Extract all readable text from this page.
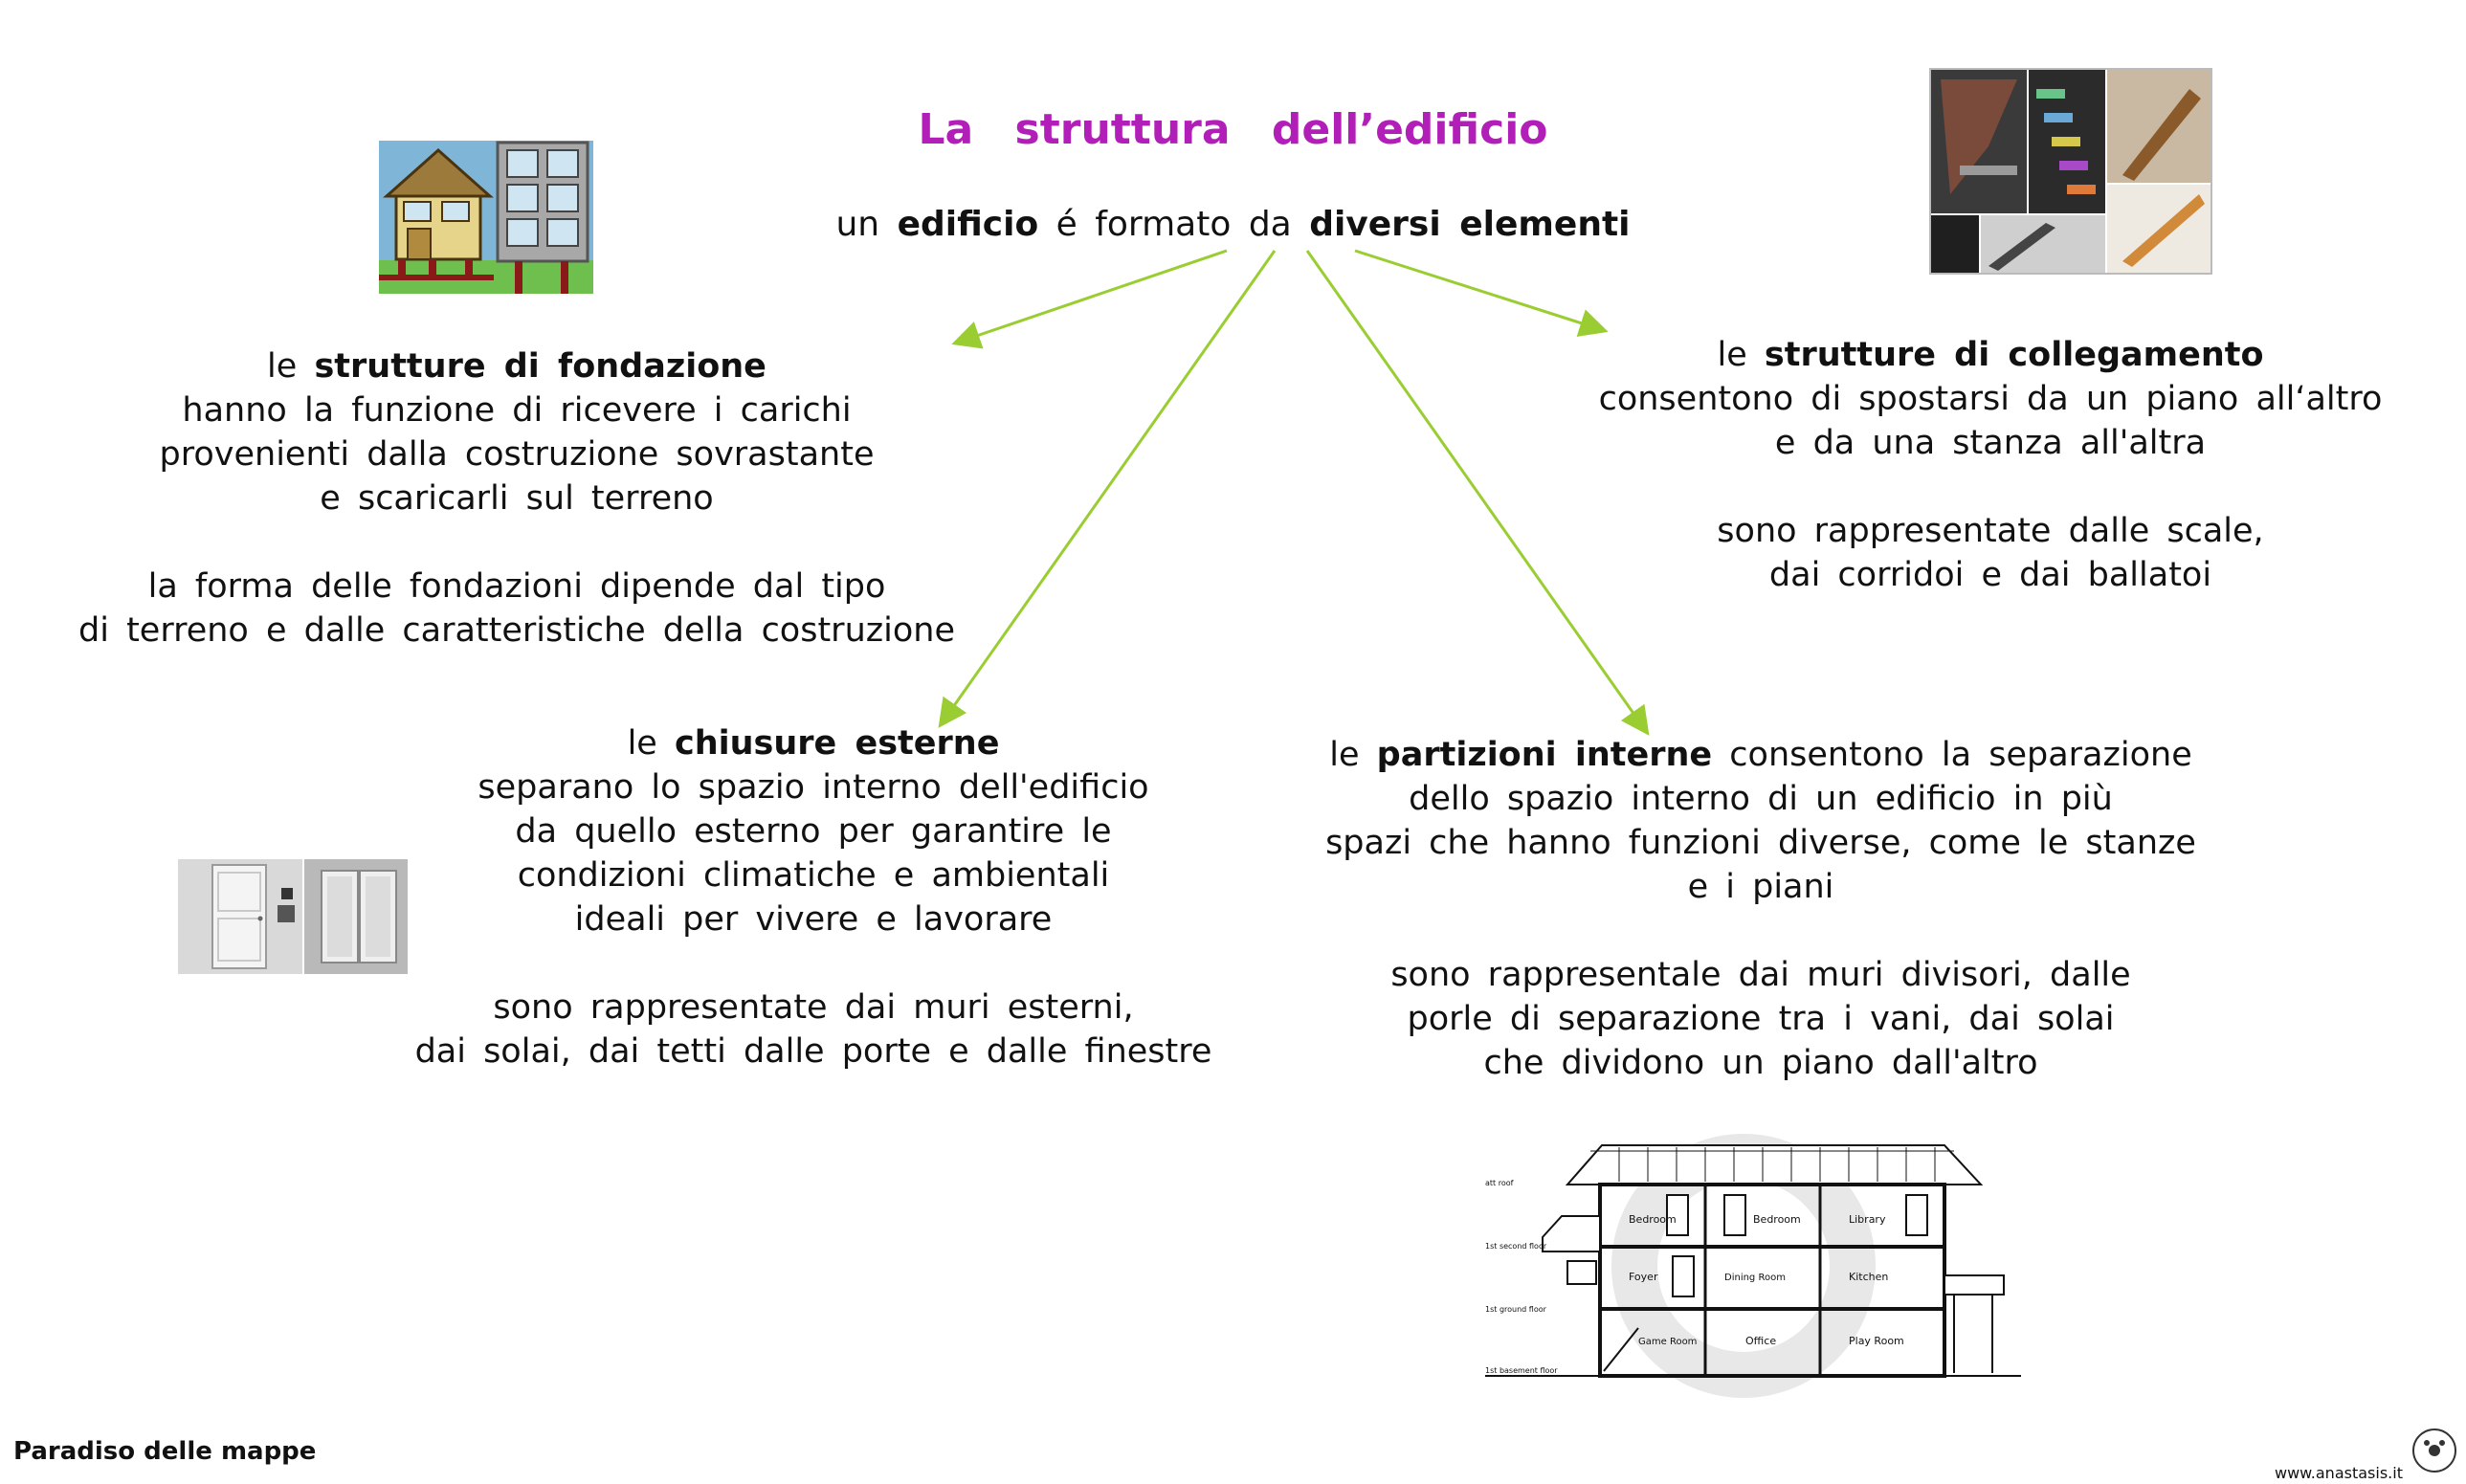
La struttura dell’edificio
un edificio é formato da diversi elementi
att roof
1st second floor
1st ground floor
1st basement floor
Bedroom	Bedroom	Library
Foyer	Dining Room	Kitchen
Game Room	Office	Play Room
le strutture di fondazione
hanno la funzione di ricevere i carichi
provenienti dalla costruzione sovrastante
e scaricarli sul terreno
la forma delle fondazioni dipende dal tipo
di terreno e dalle caratteristiche della costruzione
le strutture di collegamento
consentono di spostarsi da un piano all‘altro
e da una stanza all'altra
sono rappresentate dalle scale,
dai corridoi e dai ballatoi
le chiusure esterne
separano lo spazio interno dell'edificio
da quello esterno per garantire le
condizioni climatiche e ambientali
ideali per vivere e lavorare
sono rappresentate dai muri esterni,
dai solai, dai tetti dalle porte e dalle finestre
le partizioni interne consentono la separazione
dello spazio interno di un edificio in più
spazi che hanno funzioni diverse, come le stanze
e i piani
sono rappresentale dai muri divisori, dalle
porle di separazione tra i vani, dai solai
che dividono un piano dall'altro
Paradiso delle mappe
www.anastasis.it
